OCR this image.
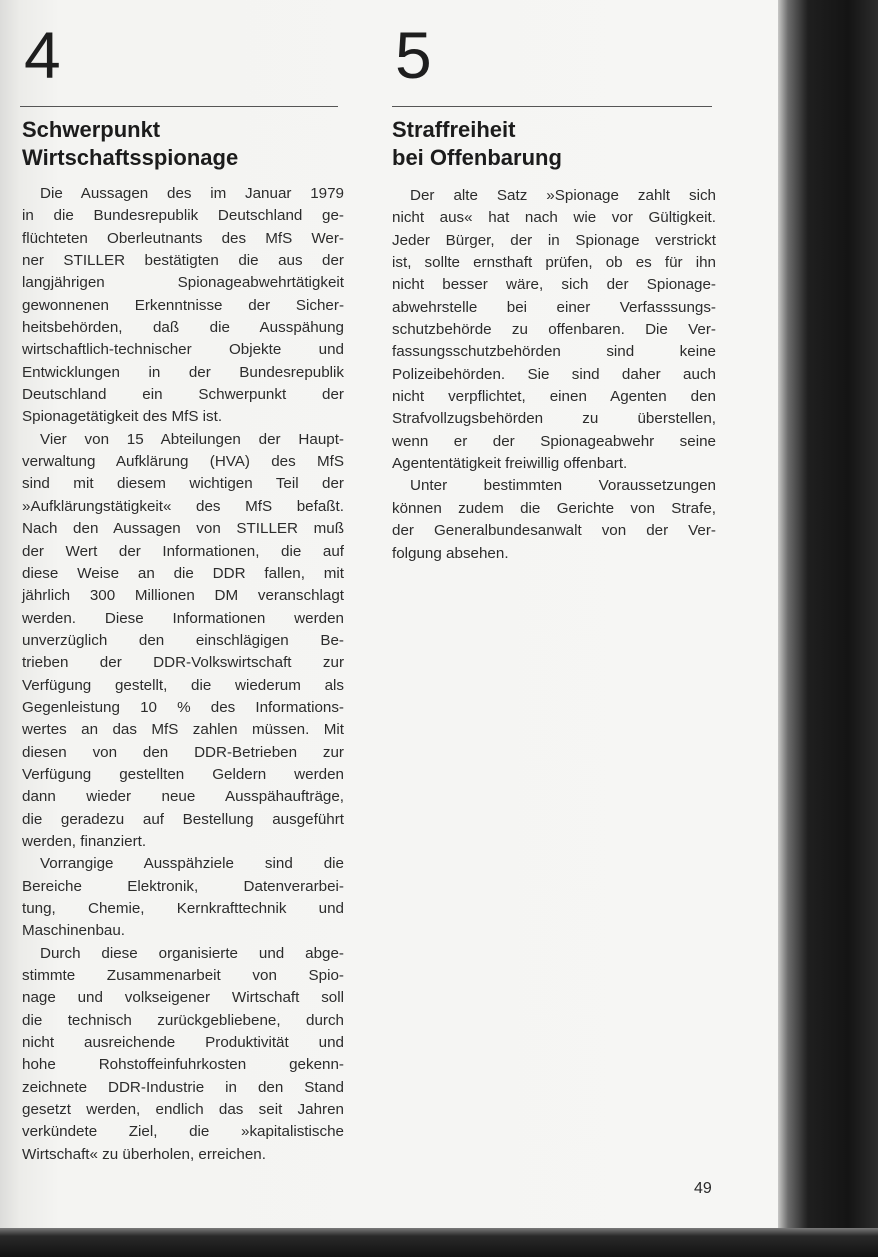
4	5
Schwerpunkt
Wirtschaftsspionage
Straffreiheit
bei Offenbarung
Die Aussagen des im Januar 1979
in die Bundesrepublik Deutschland ge-
flüchteten Oberleutnants des MfS Wer-
ner STILLER bestätigten die aus der
langjährigen Spionageabwehrtätigkeit
gewonnenen Erkenntnisse der Sicher-
heitsbehörden, daß die Ausspähung
wirtschaftlich-technischer Objekte und
Entwicklungen in der Bundesrepublik
Deutschland ein Schwerpunkt der
Spionagetätigkeit des MfS ist.
Vier von 15 Abteilungen der Haupt-
verwaltung Aufklärung (HVA) des MfS
sind mit diesem wichtigen Teil der
»Aufklärungstätigkeit« des MfS befaßt.
Nach den Aussagen von STILLER muß
der Wert der Informationen, die auf
diese Weise an die DDR fallen, mit
jährlich 300 Millionen DM veranschlagt
werden. Diese Informationen werden
unverzüglich den einschlägigen Be-
trieben der DDR-Volkswirtschaft zur
Verfügung gestellt, die wiederum als
Gegenleistung 10 % des Informations-
wertes an das MfS zahlen müssen. Mit
diesen von den DDR-Betrieben zur
Verfügung gestellten Geldern werden
dann wieder neue Ausspähaufträge,
die geradezu auf Bestellung ausgeführt
werden, finanziert.
Vorrangige Ausspähziele sind die
Bereiche Elektronik, Datenverarbei-
tung, Chemie, Kernkrafttechnik und
Maschinenbau.
Durch diese organisierte und abge-
stimmte Zusammenarbeit von Spio-
nage und volkseigener Wirtschaft soll
die technisch zurückgebliebene, durch
nicht ausreichende Produktivität und
hohe Rohstoffeinfuhrkosten gekenn-
zeichnete DDR-Industrie in den Stand
gesetzt werden, endlich das seit Jahren
verkündete Ziel, die »kapitalistische
Wirtschaft« zu überholen, erreichen.
Der alte Satz »Spionage zahlt sich
nicht aus« hat nach wie vor Gültigkeit.
Jeder Bürger, der in Spionage verstrickt
ist, sollte ernsthaft prüfen, ob es für ihn
nicht besser wäre, sich der Spionage-
abwehrstelle bei einer Verfasssungs-
schutzbehörde zu offenbaren. Die Ver-
fassungsschutzbehörden sind keine
Polizeibehörden. Sie sind daher auch
nicht verpflichtet, einen Agenten den
Strafvollzugsbehörden zu überstellen,
wenn er der Spionageabwehr seine
Agententätigkeit freiwillig offenbart.
Unter bestimmten Voraussetzungen
können zudem die Gerichte von Strafe,
der Generalbundesanwalt von der Ver-
folgung absehen.
49
